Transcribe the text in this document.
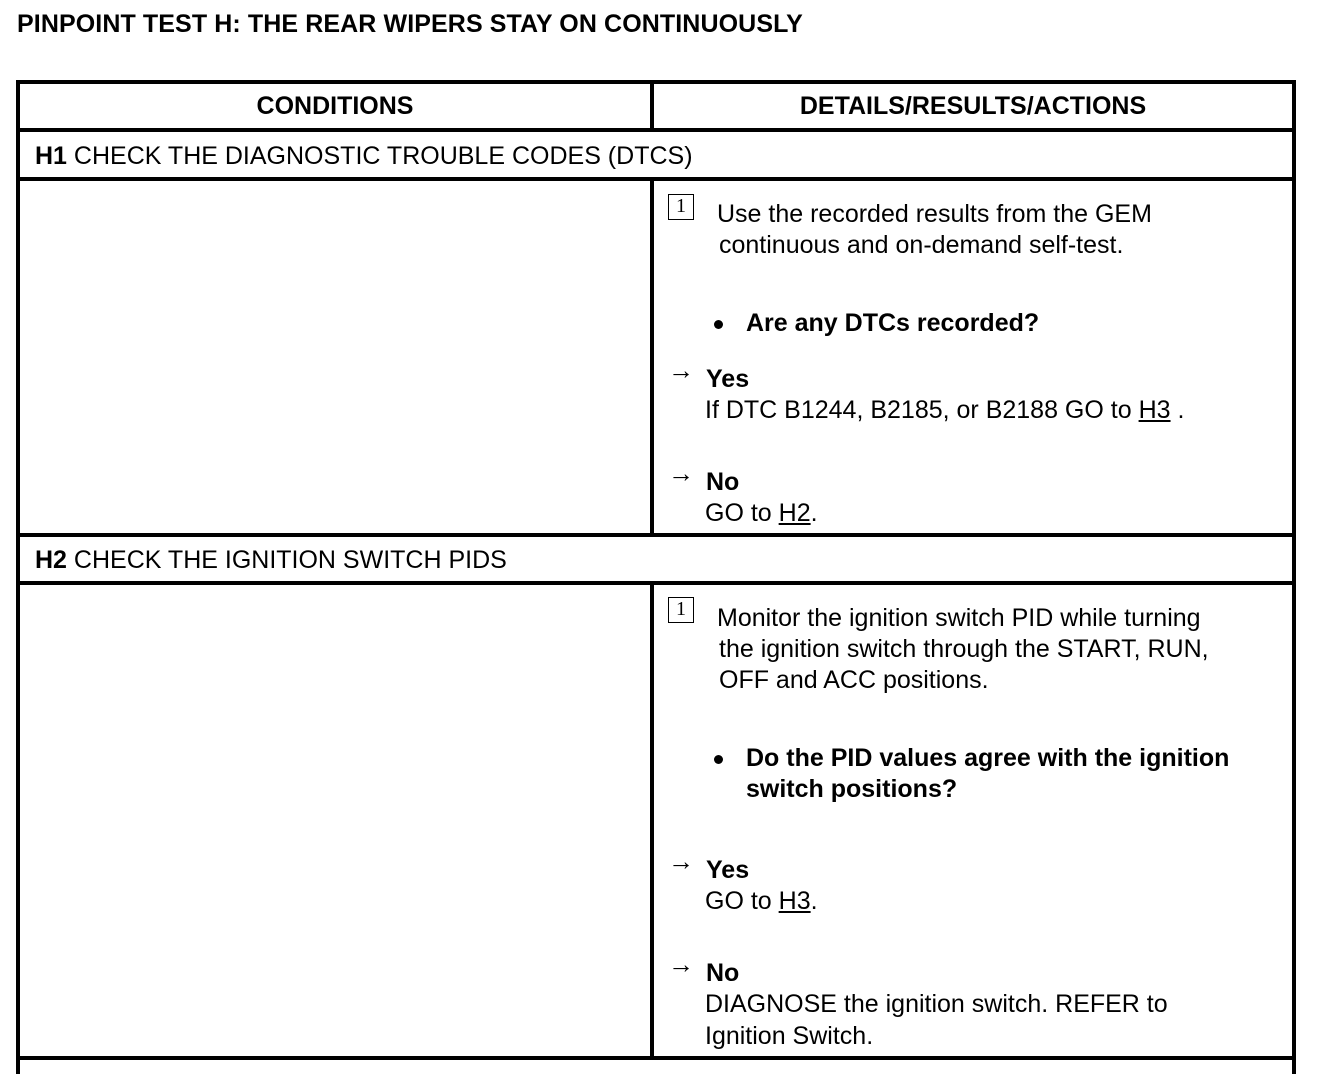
PINPOINT TEST H: THE REAR WIPERS STAY ON CONTINUOUSLY
CONDITIONS	DETAILS/RESULTS/ACTIONS
H1 CHECK THE DIAGNOSTIC TROUBLE CODES (DTCS)
1	Use the recorded results from the GEM
continuous and on-demand self-test.
Are any DTCs recorded?
→ Yes
If DTC B1244, B2185, or B2188 GO to H3 .
→ No
GO to H2.
H2 CHECK THE IGNITION SWITCH PIDS
1	Monitor the ignition switch PID while turning
the ignition switch through the START, RUN,
OFF and ACC positions.
Do the PID values agree with the ignition
switch positions?
→ Yes
GO to H3.
→ No
DIAGNOSE the ignition switch. REFER to
Ignition Switch.
